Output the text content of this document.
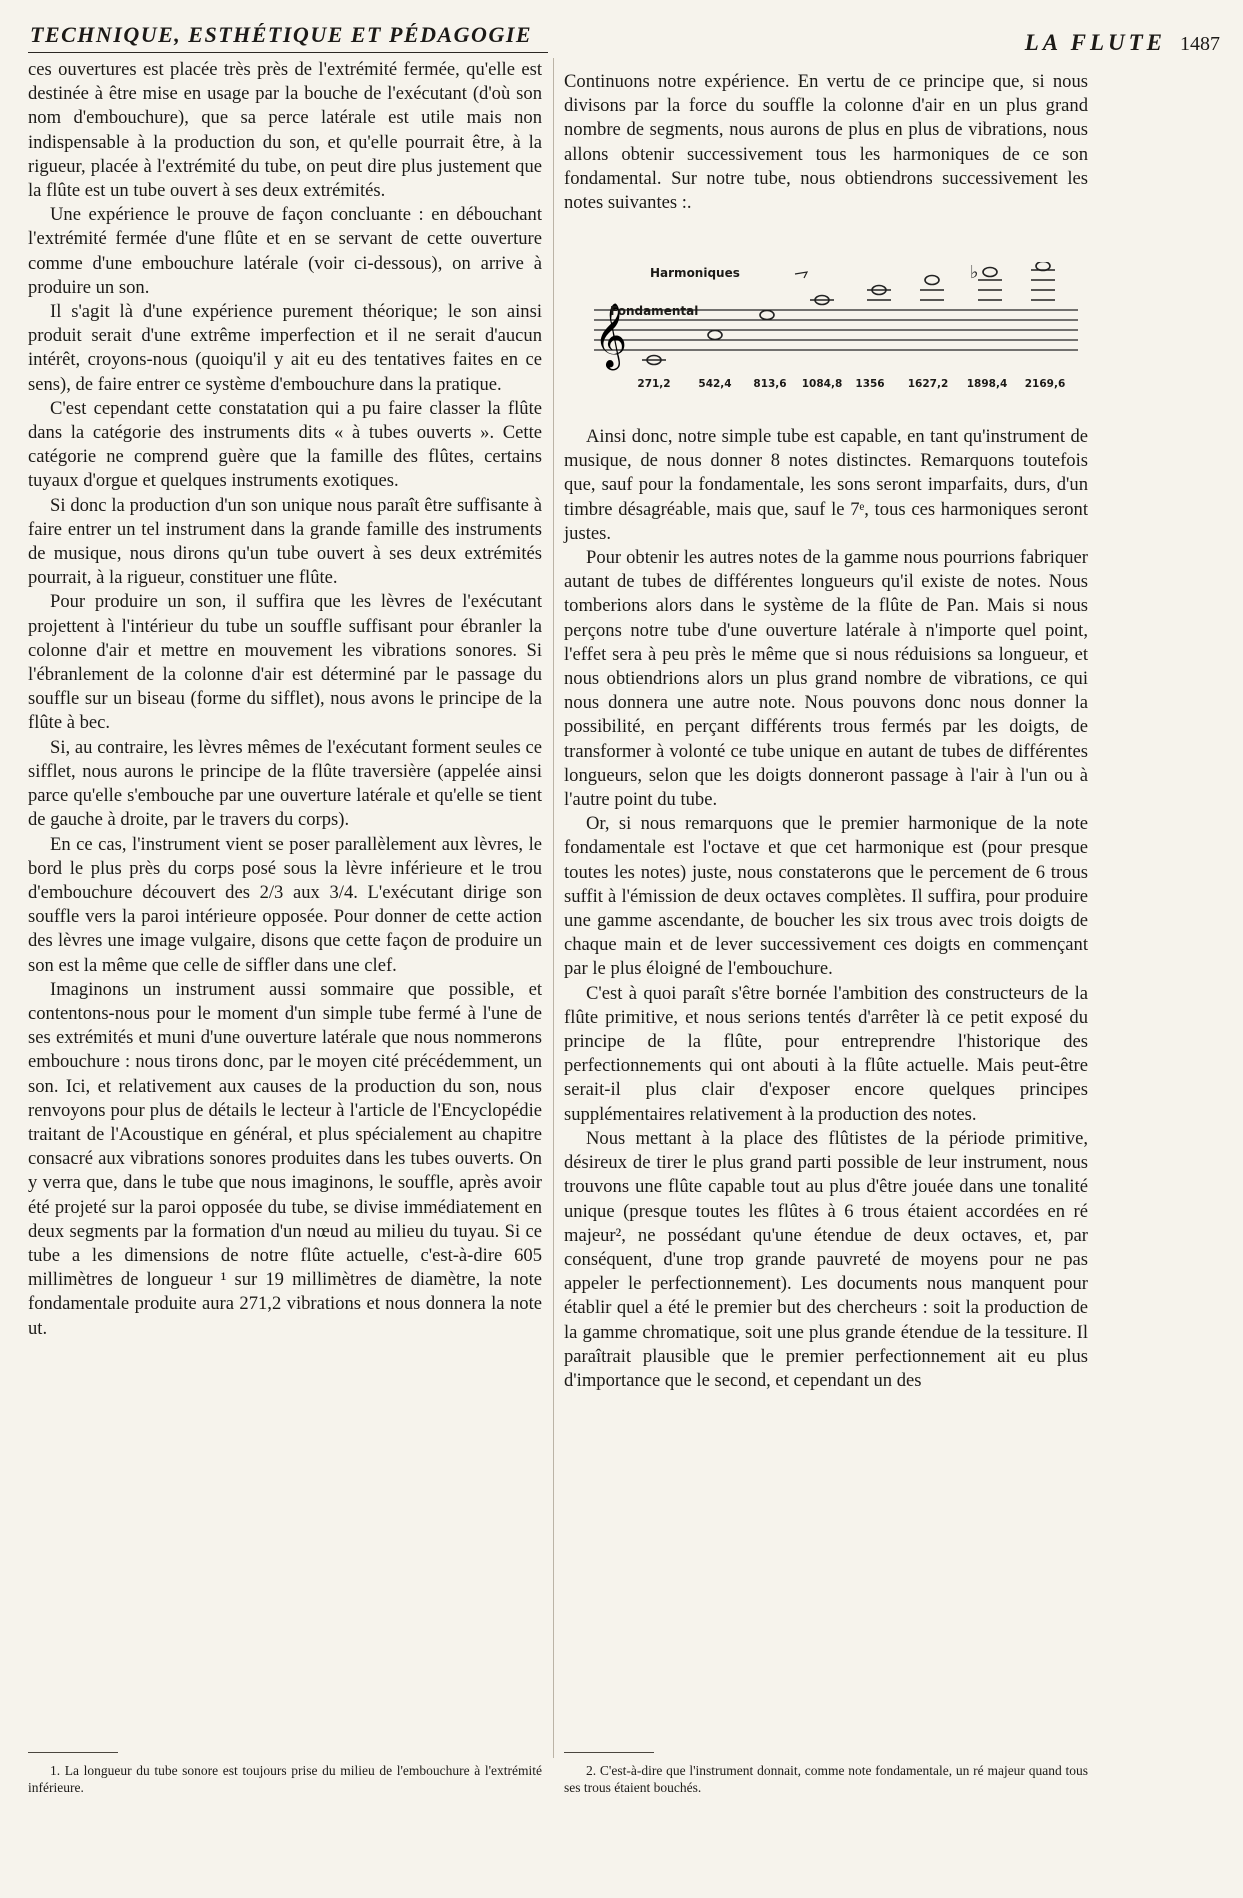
TECHNIQUE, ESTHÉTIQUE ET PÉDAGOGIE	LA FLUTE 1487

ces ouvertures est placée très près de l'extrémité fermée, qu'elle est destinée à être mise en usage par la bouche de l'exécutant (d'où son nom d'embouchure), que sa perce latérale est utile mais non indispensable à la production du son, et qu'elle pourrait être, à la rigueur, placée à l'extrémité du tube, on peut dire plus justement que la flûte est un tube ouvert à ses deux extrémités.

Une expérience le prouve de façon concluante : en débouchant l'extrémité fermée d'une flûte et en se servant de cette ouverture comme d'une embouchure latérale (voir ci-dessous), on arrive à produire un son.

Il s'agit là d'une expérience purement théorique; le son ainsi produit serait d'une extrême imperfection et il ne serait d'aucun intérêt, croyons-nous (quoiqu'il y ait eu des tentatives faites en ce sens), de faire entrer ce système d'embouchure dans la pratique.

C'est cependant cette constatation qui a pu faire classer la flûte dans la catégorie des instruments dits « à tubes ouverts ». Cette catégorie ne comprend guère que la famille des flûtes, certains tuyaux d'orgue et quelques instruments exotiques.

Si donc la production d'un son unique nous paraît être suffisante à faire entrer un tel instrument dans la grande famille des instruments de musique, nous dirons qu'un tube ouvert à ses deux extrémités pourrait, à la rigueur, constituer une flûte.

Pour produire un son, il suffira que les lèvres de l'exécutant projettent à l'intérieur du tube un souffle suffisant pour ébranler la colonne d'air et mettre en mouvement les vibrations sonores. Si l'ébranlement de la colonne d'air est déterminé par le passage du souffle sur un biseau (forme du sifflet), nous avons le principe de la flûte à bec.

Si, au contraire, les lèvres mêmes de l'exécutant forment seules ce sifflet, nous aurons le principe de la flûte traversière (appelée ainsi parce qu'elle s'embouche par une ouverture latérale et qu'elle se tient de gauche à droite, par le travers du corps).

En ce cas, l'instrument vient se poser parallèlement aux lèvres, le bord le plus près du corps posé sous la lèvre inférieure et le trou d'embouchure découvert des 2/3 aux 3/4. L'exécutant dirige son souffle vers la paroi intérieure opposée. Pour donner de cette action des lèvres une image vulgaire, disons que cette façon de produire un son est la même que celle de siffler dans une clef.

Imaginons un instrument aussi sommaire que possible, et contentons-nous pour le moment d'un simple tube fermé à l'une de ses extrémités et muni d'une ouverture latérale que nous nommerons embouchure : nous tirons donc, par le moyen cité précédemment, un son. Ici, et relativement aux causes de la production du son, nous renvoyons pour plus de détails le lecteur à l'article de l'Encyclopédie traitant de l'Acoustique en général, et plus spécialement au chapitre consacré aux vibrations sonores produites dans les tubes ouverts. On y verra que, dans le tube que nous imaginons, le souffle, après avoir été projeté sur la paroi opposée du tube, se divise immédiatement en deux segments par la formation d'un nœud au milieu du tuyau. Si ce tube a les dimensions de notre flûte actuelle, c'est-à-dire 605 millimètres de longueur ¹ sur 19 millimètres de diamètre, la note fondamentale produite aura 271,2 vibrations et nous donnera la note ut.

Continuons notre expérience. En vertu de ce principe que, si nous divisons par la force du souffle la colonne d'air en un plus grand nombre de segments, nous aurons de plus en plus de vibrations, nous allons obtenir successivement tous les harmoniques de ce son fondamental. Sur notre tube, nous obtiendrons successivement les notes suivantes :.

𝄞
♭
Harmoniques
Fondamental
271,2	542,4 813,6 1084,8 1356 1627,2 1898,4 2169,6

Ainsi donc, notre simple tube est capable, en tant qu'instrument de musique, de nous donner 8 notes distinctes. Remarquons toutefois que, sauf pour la fondamentale, les sons seront imparfaits, durs, d'un timbre désagréable, mais que, sauf le 7ᵉ, tous ces harmoniques seront justes.

Pour obtenir les autres notes de la gamme nous pourrions fabriquer autant de tubes de différentes longueurs qu'il existe de notes. Nous tomberions alors dans le système de la flûte de Pan. Mais si nous perçons notre tube d'une ouverture latérale à n'importe quel point, l'effet sera à peu près le même que si nous réduisions sa longueur, et nous obtiendrions alors un plus grand nombre de vibrations, ce qui nous donnera une autre note. Nous pouvons donc nous donner la possibilité, en perçant différents trous fermés par les doigts, de transformer à volonté ce tube unique en autant de tubes de différentes longueurs, selon que les doigts donneront passage à l'air à l'un ou à l'autre point du tube.

Or, si nous remarquons que le premier harmonique de la note fondamentale est l'octave et que cet harmonique est (pour presque toutes les notes) juste, nous constaterons que le percement de 6 trous suffit à l'émission de deux octaves complètes. Il suffira, pour produire une gamme ascendante, de boucher les six trous avec trois doigts de chaque main et de lever successivement ces doigts en commençant par le plus éloigné de l'embouchure.

C'est à quoi paraît s'être bornée l'ambition des constructeurs de la flûte primitive, et nous serions tentés d'arrêter là ce petit exposé du principe de la flûte, pour entreprendre l'historique des perfectionnements qui ont abouti à la flûte actuelle. Mais peut-être serait-il plus clair d'exposer encore quelques principes supplémentaires relativement à la production des notes.

Nous mettant à la place des flûtistes de la période primitive, désireux de tirer le plus grand parti possible de leur instrument, nous trouvons une flûte capable tout au plus d'être jouée dans une tonalité unique (presque toutes les flûtes à 6 trous étaient accordées en ré majeur², ne possédant qu'une étendue de deux octaves, et, par conséquent, d'une trop grande pauvreté de moyens pour ne pas appeler le perfectionnement). Les documents nous manquent pour établir quel a été le premier but des chercheurs : soit la production de la gamme chromatique, soit une plus grande étendue de la tessiture. Il paraîtrait plausible que le premier perfectionnement ait eu plus d'importance que le second, et cependant un des

1. La longueur du tube sonore est toujours prise du milieu de l'embouchure à l'extrémité inférieure.

2. C'est-à-dire que l'instrument donnait, comme note fondamentale, un ré majeur quand tous ses trous étaient bouchés.
